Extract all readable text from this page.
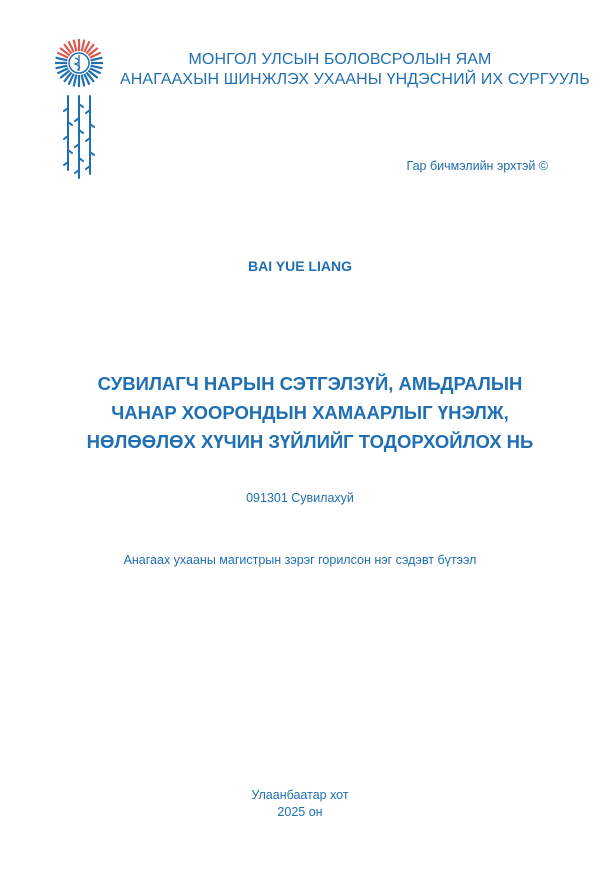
МОНГОЛ УЛСЫН БОЛОВСРОЛЫН ЯАМ
АНАГААХЫН ШИНЖЛЭХ УХААНЫ ҮНДЭСНИЙ ИХ СУРГУУЛЬ
Гар бичмэлийн эрхтэй ©
BAI YUE LIANG
СУВИЛАГЧ НАРЫН СЭТГЭЛЗҮЙ, АМЬДРАЛЫН
ЧАНАР ХООРОНДЫН ХАМААРЛЫГ ҮНЭЛЖ,
НӨЛӨӨЛӨХ ХҮЧИН ЗҮЙЛИЙГ ТОДОРХОЙЛОХ НЬ
091301 Сувилахуй
Анагаах ухааны магистрын зэрэг горилсон нэг сэдэвт бүтээл
Улаанбаатар хот
2025 он
